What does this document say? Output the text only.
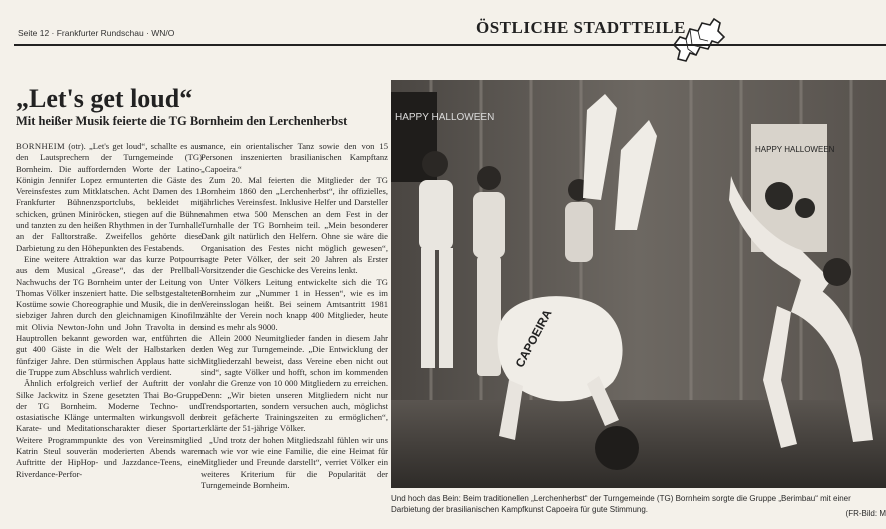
Seite 12 · Frankfurter Rundschau · WN/O	ÖSTLICHE STADTTEILE
„Let's get loud“
Mit heißer Musik feierte die TG Bornheim den Lerchenherbst

BORNHEIM (otr). „Let's get loud“, schallte es aus den Lautsprechern der Turngemeinde (TG) Bornheim. Die auffordernden Worte der Latino-Königin Jennifer Lopez ermunterten die Gäste des Vereinsfestes zum Mitklatschen. Acht Damen des 1. Frankfurter Bühnenzsportclubs, bekleidet mit schicken, grünen Miniröcken, stiegen auf die Bühne und tanzten zu den heißen Rhythmen in der Turnhalle an der Falltorstraße. Zweifellos gehörte diese Darbietung zu den Höhepunkten des Festabends.

Eine weitere Attraktion war das kurze Potpourri aus dem Musical „Grease“, das der Prellball-Nachwuchs der TG Bornheim unter der Leitung von Thomas Völker inszeniert hatte. Die selbstgestalteten Kostüme sowie Choreographie und Musik, die in den siebziger Jahren durch den gleichnamigen Kinofilm mit Olivia Newton-John und John Travolta in den Hauptrollen bekannt geworden war, entführten die gut 400 Gäste in die Welt der Halbstarken der fünfziger Jahre. Den stürmischen Applaus hatte sich die Truppe zum Abschluss wahrlich verdient.

Ähnlich erfolgreich verlief der Auftritt der von Silke Jackwitz in Szene gesetzten Thai Bo-Gruppe der TG Bornheim. Moderne Techno- und ostasiatische Klänge untermalten wirkungsvoll den Karate- und Meditationscharakter dieser Sportart. Weitere Programmpunkte des von Vereinsmitglied Katrin Steul souverän moderierten Abends waren Auftritte der HipHop- und Jazzdance-Teens, eine Riverdance-Perfor-

mance, ein orientalischer Tanz sowie den von 15 Personen inszenierten brasilianischen Kampftanz „Capoeira.“

Zum 20. Mal feierten die Mitglieder der TG Bornheim 1860 den „Lerchenherbst“, ihr offizielles, jährliches Vereinsfest. Inklusive Helfer und Darsteller nahmen etwa 500 Menschen an dem Fest in der Turnhalle der TG Bornheim teil. „Mein besonderer Dank gilt natürlich den Helfern. Ohne sie wäre die Organisation des Festes nicht möglich gewesen“, sagte Peter Völker, der seit 20 Jahren als Erster Vorsitzender die Geschicke des Vereins lenkt.

Unter Völkers Leitung entwickelte sich die TG Bornheim zur „Nummer 1 in Hessen“, wie es im Vereinsslogan heißt. Bei seinem Amtsantritt 1981 zählte der Verein noch knapp 400 Mitglieder, heute sind es mehr als 9000.

Allein 2000 Neumitglieder fanden in diesem Jahr den Weg zur Turngemeinde. „Die Entwicklung der Mitgliederzahl beweist, dass Vereine eben nicht out sind“, sagte Völker und hofft, schon im kommenden Jahr die Grenze von 10 000 Mitgliedern zu erreichen. Denn: „Wir bieten unseren Mitgliedern nicht nur Trendsportarten, sondern versuchen auch, möglichst breit gefächerte Trainingszeiten zu ermöglichen“, erklärte der 51-jährige Völker.

„Und trotz der hohen Mitgliedszahl fühlen wir uns nach wie vor wie eine Familie, die eine Heimat für Mitglieder und Freunde darstellt“, verriet Völker ein weiteres Kriterium für die Popularität der Turngemeinde Bornheim.

HAPPY HALLOWEEN
HAPPY HALLOWEEN
CAPOEIRA
Und hoch das Bein: Beim traditionellen „Lerchenherbst“ der Turngemeinde (TG) Bornheim sorgte die Gruppe „Berimbau“ mit einer Darbietung der brasilianischen Kampfkunst Capoeira für gute Stimmung.	(FR-Bild: M
